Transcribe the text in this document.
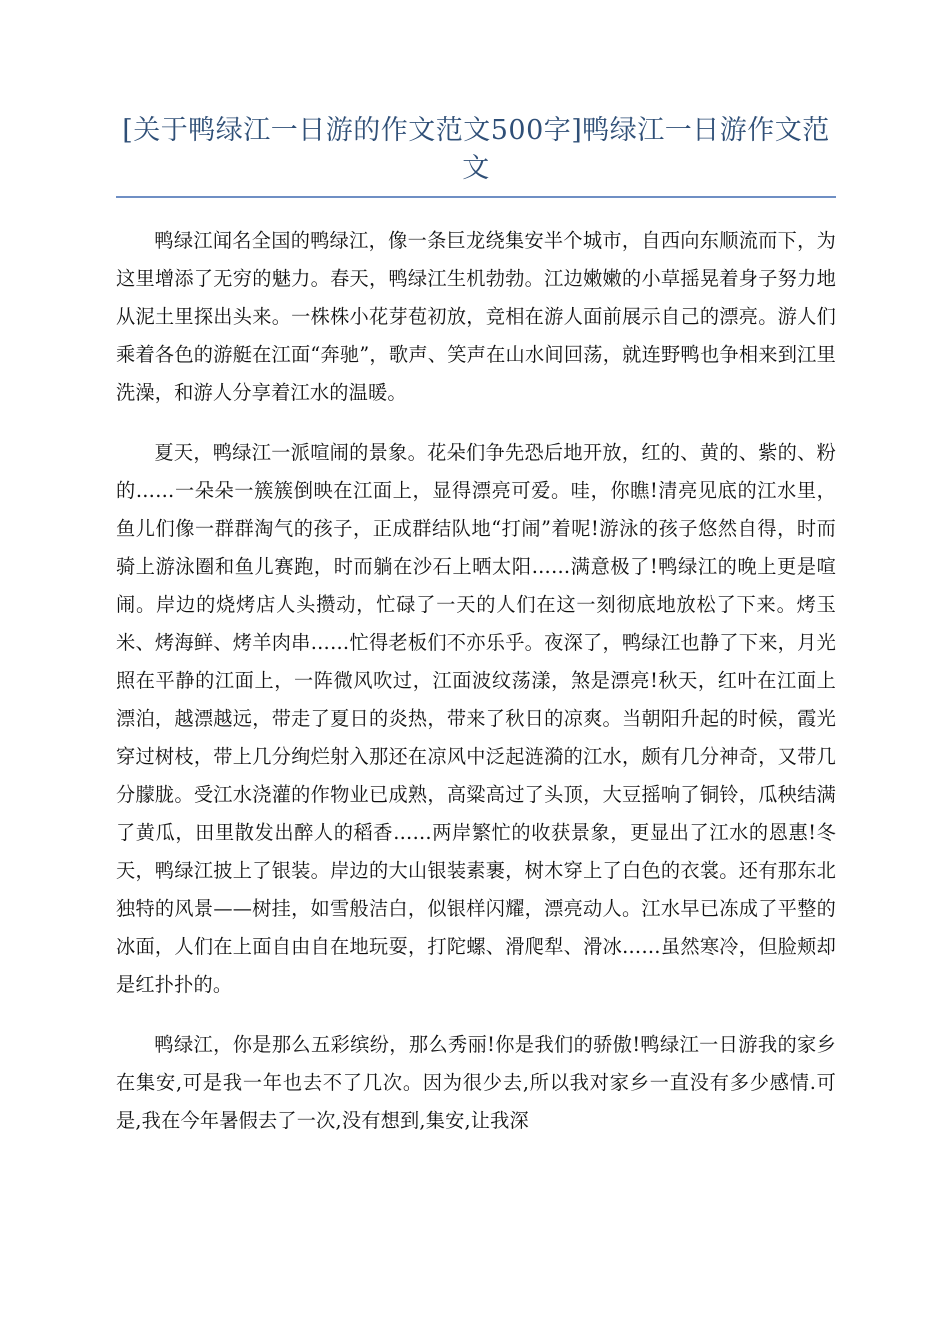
[关于鸭绿江一日游的作文范文500字]鸭绿江一日游作文范文

鸭绿江闻名全国的鸭绿江，像一条巨龙绕集安半个城市，自西向东顺流而下，为这里增添了无穷的魅力。春天，鸭绿江生机勃勃。江边嫩嫩的小草摇晃着身子努力地从泥土里探出头来。一株株小花芽苞初放，竞相在游人面前展示自己的漂亮。游人们乘着各色的游艇在江面“奔驰”，歌声、笑声在山水间回荡，就连野鸭也争相来到江里洗澡，和游人分享着江水的温暖。

夏天，鸭绿江一派喧闹的景象。花朵们争先恐后地开放，红的、黄的、紫的、粉的……一朵朵一簇簇倒映在江面上，显得漂亮可爱。哇，你瞧!清亮见底的江水里，鱼儿们像一群群淘气的孩子，正成群结队地“打闹”着呢!游泳的孩子悠然自得，时而骑上游泳圈和鱼儿赛跑，时而躺在沙石上晒太阳……满意极了!鸭绿江的晚上更是喧闹。岸边的烧烤店人头攒动，忙碌了一天的人们在这一刻彻底地放松了下来。烤玉米、烤海鲜、烤羊肉串……忙得老板们不亦乐乎。夜深了，鸭绿江也静了下来，月光照在平静的江面上，一阵微风吹过，江面波纹荡漾，煞是漂亮!秋天，红叶在江面上漂泊，越漂越远，带走了夏日的炎热，带来了秋日的凉爽。当朝阳升起的时候，霞光穿过树枝，带上几分绚烂射入那还在凉风中泛起涟漪的江水，颇有几分神奇，又带几分朦胧。受江水浇灌的作物业已成熟，高粱高过了头顶，大豆摇响了铜铃，瓜秧结满了黄瓜，田里散发出醉人的稻香……两岸繁忙的收获景象，更显出了江水的恩惠!冬天，鸭绿江披上了银装。岸边的大山银装素裹，树木穿上了白色的衣裳。还有那东北独特的风景——树挂，如雪般洁白，似银样闪耀，漂亮动人。江水早已冻成了平整的冰面，人们在上面自由自在地玩耍，打陀螺、滑爬犁、滑冰……虽然寒冷，但脸颊却是红扑扑的。

鸭绿江，你是那么五彩缤纷，那么秀丽!你是我们的骄傲!鸭绿江一日游我的家乡在集安,可是我一年也去不了几次。因为很少去,所以我对家乡一直没有多少感情.可是,我在今年暑假去了一次,没有想到,集安,让我深
